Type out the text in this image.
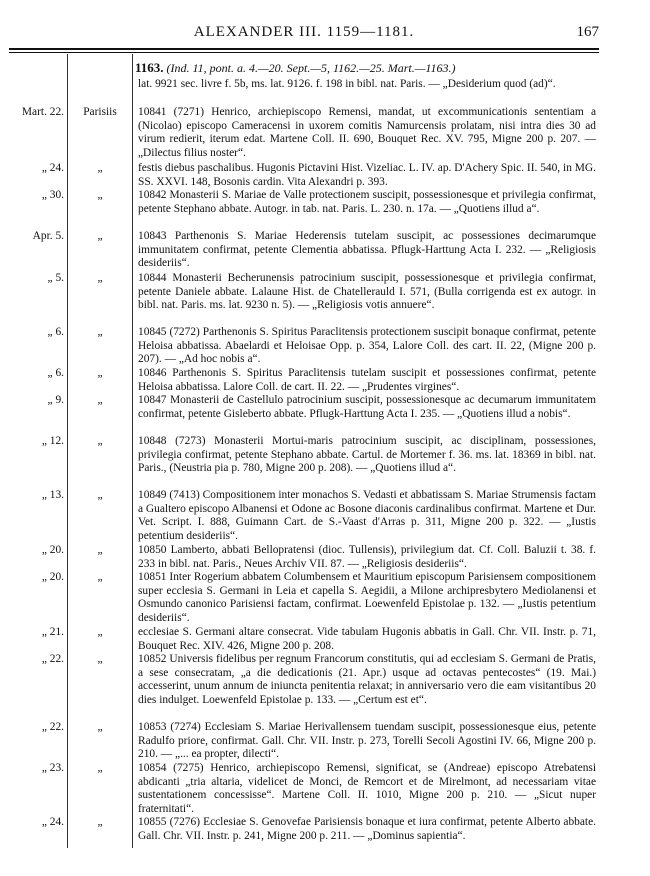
ALEXANDER III. 1159—1181.	167
1163. (Ind. 11, pont. a. 4.—20. Sept.—5, 1162.—25. Mart.—1163.)
lat. 9921 sec. livre f. 5b, ms. lat. 9126. f. 198 in bibl. nat. Paris. — „Desiderium quod (ad)“.
Mart. 22.	Parisiis	10841 (7271) Henrico, archiepiscopo Remensi, mandat, ut excommunicationis sententiam a (Nicolao) episcopo Cameracensi in uxorem comitis Namurcensis prolatam, nisi intra dies 30 ad virum redierit, iterum edat. Martene Coll. II. 690, Bouquet Rec. XV. 795, Migne 200 p. 207. — „Dilectus filius noster“.
„ 24.	„	festis diebus paschalibus. Hugonis Pictavini Hist. Vizeliac. L. IV. ap. D'Achery Spic. II. 540, in MG. SS. XXVI. 148, Bosonis cardin. Vita Alexandri p. 393.
„ 30.	„	10842 Monasterii S. Mariae de Valle protectionem suscipit, possessionesque et privilegia confirmat, petente Stephano abbate. Autogr. in tab. nat. Paris. L. 230. n. 17a. — „Quotiens illud a“.
Apr. 5.	„	10843 Parthenonis S. Mariae Hederensis tutelam suscipit, ac possessiones decimarumque immunitatem confirmat, petente Clementia abbatissa. Pflugk-Harttung Acta I. 232. — „Religiosis desideriis“.
„ 5.	„	10844 Monasterii Becherunensis patrocinium suscipit, possessionesque et privilegia confirmat, petente Daniele abbate. Lalaune Hist. de Chatellerauld I. 571, (Bulla corrigenda est ex autogr. in bibl. nat. Paris. ms. lat. 9230 n. 5). — „Religiosis votis annuere“.
„ 6.	„	10845 (7272) Parthenonis S. Spiritus Paraclitensis protectionem suscipit bonaque confirmat, petente Heloisa abbatissa. Abaelardi et Heloisae Opp. p. 354, Lalore Coll. des cart. II. 22, (Migne 200 p. 207). — „Ad hoc nobis a“.
„ 6.	„	10846 Parthenonis S. Spiritus Paraclitensis tutelam suscipit et possessiones confirmat, petente Heloisa abbatissa. Lalore Coll. de cart. II. 22. — „Prudentes virgines“.
„ 9.	„	10847 Monasterii de Castellulo patrocinium suscipit, possessionesque ac decumarum immunitatem confirmat, petente Gisleberto abbate. Pflugk-Harttung Acta I. 235. — „Quotiens illud a nobis“.
„ 12.	„	10848 (7273) Monasterii Mortui-maris patrocinium suscipit, ac disciplinam, possessiones, privilegia confirmat, petente Stephano abbate. Cartul. de Mortemer f. 36. ms. lat. 18369 in bibl. nat. Paris., (Neustria pia p. 780, Migne 200 p. 208). — „Quotiens illud a“.
„ 13.	„	10849 (7413) Compositionem inter monachos S. Vedasti et abbatissam S. Mariae Strumensis factam a Gualtero episcopo Albanensi et Odone ac Bosone diaconis cardinalibus confirmat. Martene et Dur. Vet. Script. I. 888, Guimann Cart. de S.-Vaast d'Arras p. 311, Migne 200 p. 322. — „Iustis petentium desideriis“.
„ 20.	„	10850 Lamberto, abbati Bellopratensi (dioc. Tullensis), privilegium dat. Cf. Coll. Baluzii t. 38. f. 233 in bibl. nat. Paris., Neues Archiv VII. 87. — „Religiosis desideriis“.
„ 20.	„	10851 Inter Rogerium abbatem Columbensem et Mauritium episcopum Parisiensem compositionem super ecclesia S. Germani in Leia et capella S. Aegidii, a Milone archipresbytero Mediolanensi et Osmundo canonico Parisiensi factam, confirmat. Loewenfeld Epistolae p. 132. — „Iustis petentium desideriis“.
„ 21.	„	ecclesiae S. Germani altare consecrat. Vide tabulam Hugonis abbatis in Gall. Chr. VII. Instr. p. 71, Bouquet Rec. XIV. 426, Migne 200 p. 208.
„ 22.	„	10852 Universis fidelibus per regnum Francorum constitutis, qui ad ecclesiam S. Germani de Pratis, a sese consecratam, „a die dedicationis (21. Apr.) usque ad octavas pentecostes“ (19. Mai.) accesserint, unum annum de iniuncta penitentia relaxat; in anniversario vero die eam visitantibus 20 dies indulget. Loewenfeld Epistolae p. 133. — „Certum est et“.
„ 22.	„	10853 (7274) Ecclesiam S. Mariae Herivallensem tuendam suscipit, possessionesque eius, petente Radulfo priore, confirmat. Gall. Chr. VII. Instr. p. 273, Torelli Secoli Agostini IV. 66, Migne 200 p. 210. — „... ea propter, dilecti“.
„ 23.	„	10854 (7275) Henrico, archiepiscopo Remensi, significat, se (Andreae) episcopo Atrebatensi abdicanti „tria altaria, videlicet de Monci, de Remcort et de Mirelmont, ad necessariam vitae sustentationem concessisse“. Martene Coll. II. 1010, Migne 200 p. 210. — „Sicut nuper fraternitati“.
„ 24.	„	10855 (7276) Ecclesiae S. Genovefae Parisiensis bonaque et iura confirmat, petente Alberto abbate. Gall. Chr. VII. Instr. p. 241, Migne 200 p. 211. — „Dominus sapientia“.
